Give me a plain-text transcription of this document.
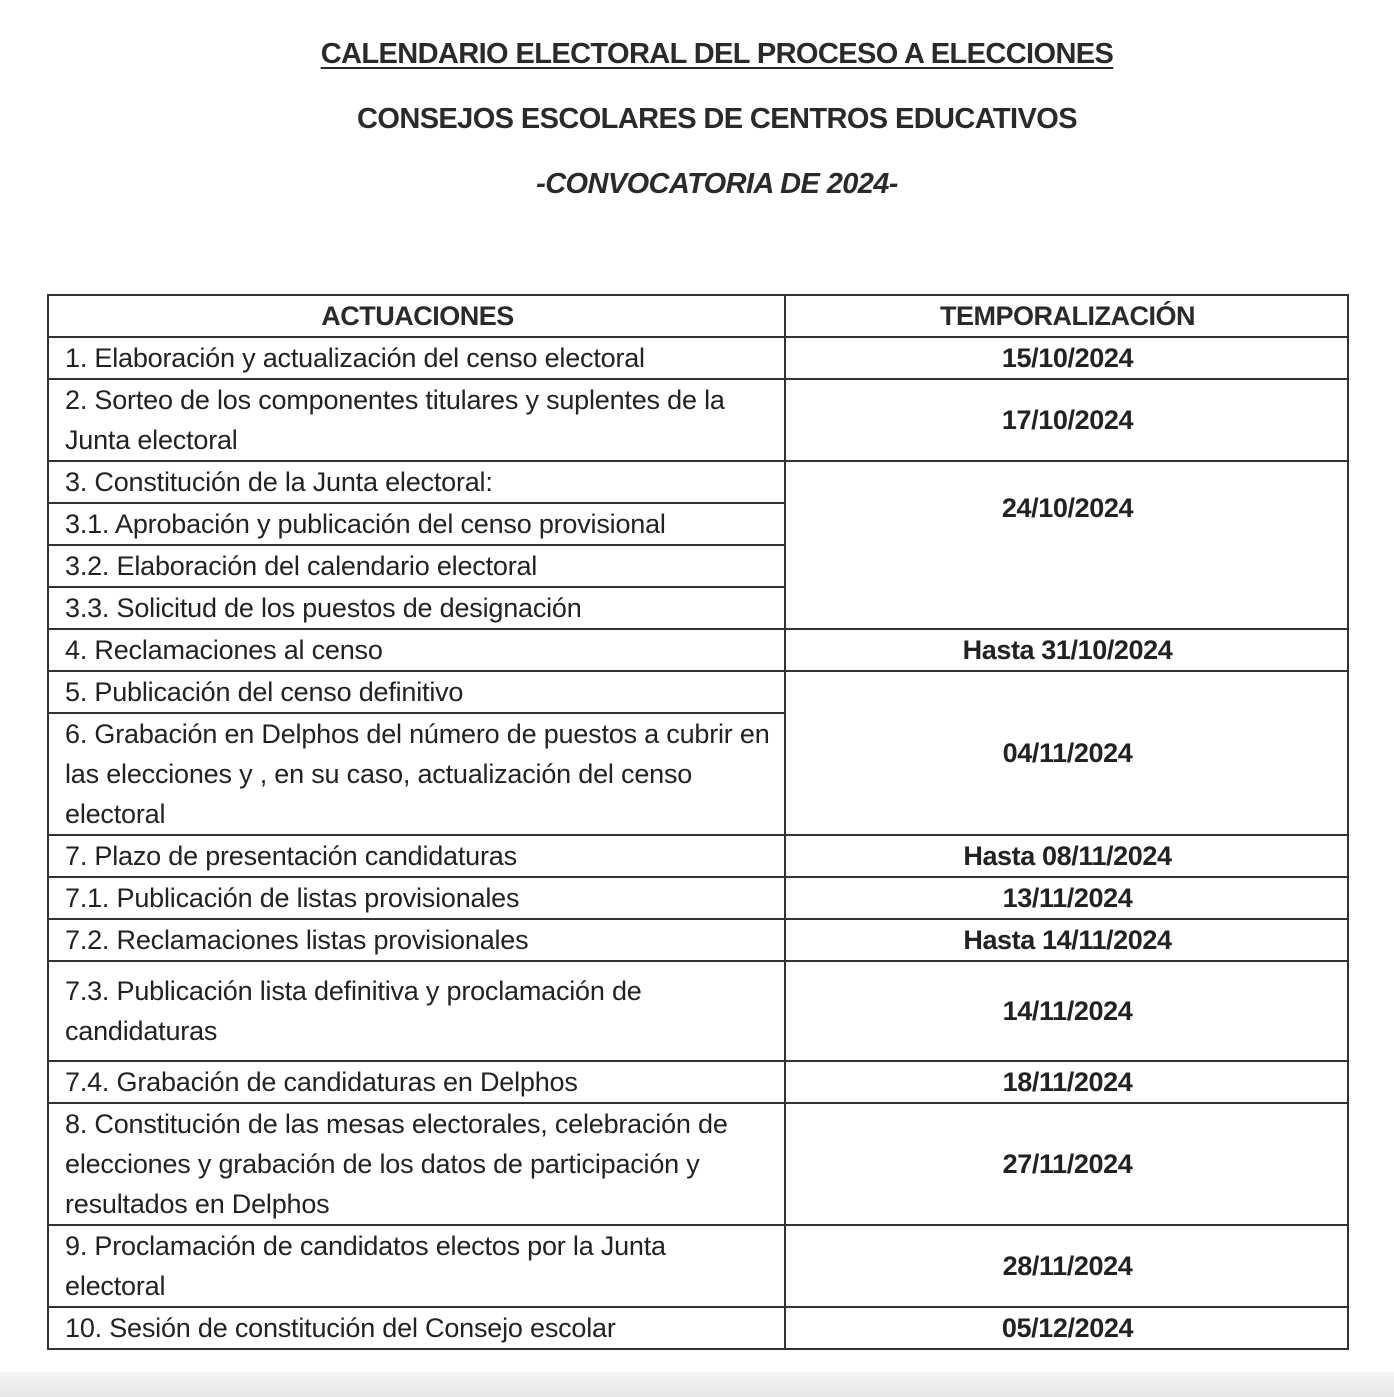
CALENDARIO ELECTORAL DEL PROCESO A ELECCIONES
CONSEJOS ESCOLARES DE CENTROS EDUCATIVOS
-CONVOCATORIA DE 2024-
ACTUACIONES	TEMPORALIZACIÓN
1. Elaboración y actualización del censo electoral	15/10/2024
2. Sorteo de los componentes titulares y suplentes de la Junta electoral	17/10/2024
3. Constitución de la Junta electoral:	24/10/2024
3.1. Aprobación y publicación del censo provisional	
3.2. Elaboración del calendario electoral	
3.3. Solicitud de los puestos de designación	
4. Reclamaciones al censo	Hasta 31/10/2024
5. Publicación del censo definitivo	04/11/2024
6. Grabación en Delphos del número de puestos a cubrir en las elecciones y , en su caso, actualización del censo electoral	
7. Plazo de presentación candidaturas	Hasta 08/11/2024
7.1. Publicación de listas provisionales	13/11/2024
7.2. Reclamaciones listas provisionales	Hasta 14/11/2024
7.3. Publicación lista definitiva y proclamación de candidaturas	14/11/2024
7.4. Grabación de candidaturas en Delphos	18/11/2024
8. Constitución de las mesas electorales, celebración de elecciones y grabación de los datos de participación y resultados en Delphos	27/11/2024
9. Proclamación de candidatos electos por la Junta electoral	28/11/2024
10. Sesión de constitución del Consejo escolar	05/12/2024
